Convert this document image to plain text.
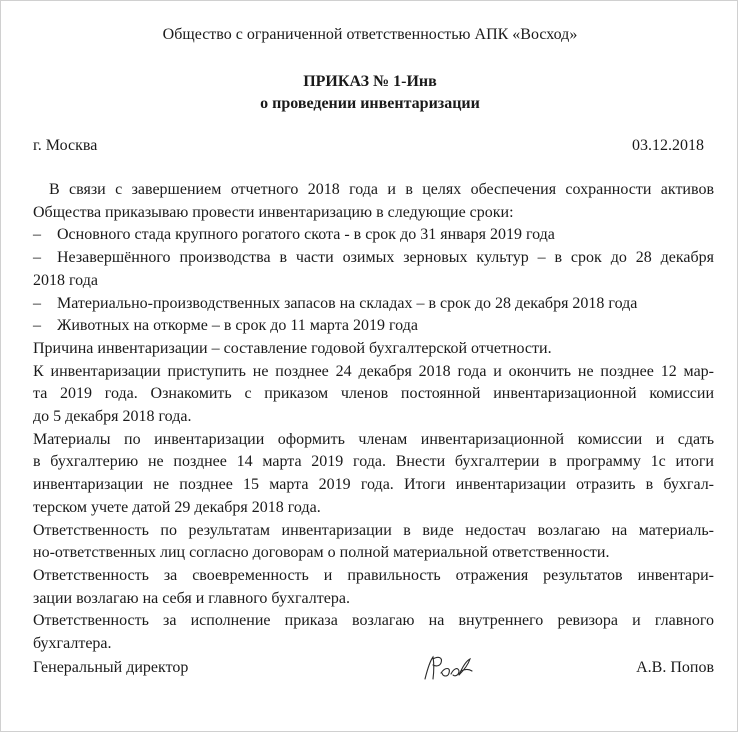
Общество с ограниченной ответственностью АПК «Восход»
ПРИКАЗ № 1-Инв
о проведении инвентаризации
г. Москва	03.12.2018
В связи с завершением отчетного 2018 года и в целях обеспечения сохранности активов
Общества приказываю провести инвентаризацию в следующие сроки:
– Основного стада крупного рогатого скота - в срок до 31 января 2019 года
– Незавершённого производства в части озимых зерновых культур – в срок до 28 декабря
2018 года
– Материально-производственных запасов на складах – в срок до 28 декабря 2018 года
– Животных на откорме – в срок до 11 марта 2019 года
Причина инвентаризации – составление годовой бухгалтерской отчетности.
К инвентаризации приступить не позднее 24 декабря 2018 года и окончить не позднее 12 мар-
та 2019 года. Ознакомить с приказом членов постоянной инвентаризационной комиссии
до 5 декабря 2018 года.
Материалы по инвентаризации оформить членам инвентаризационной комиссии и сдать
в бухгалтерию не позднее 14 марта 2019 года. Внести бухгалтерии в программу 1с итоги
инвентаризации не позднее 15 марта 2019 года. Итоги инвентаризации отразить в бухгал-
терском учете датой 29 декабря 2018 года.
Ответственность по результатам инвентаризации в виде недостач возлагаю на материаль-
но-ответственных лиц согласно договорам о полной материальной ответственности.
Ответственность за своевременность и правильность отражения результатов инвентари-
зации возлагаю на себя и главного бухгалтера.
Ответственность за исполнение приказа возлагаю на внутреннего ревизора и главного
бухгалтера.
Генеральный директор	А.В. Попов
